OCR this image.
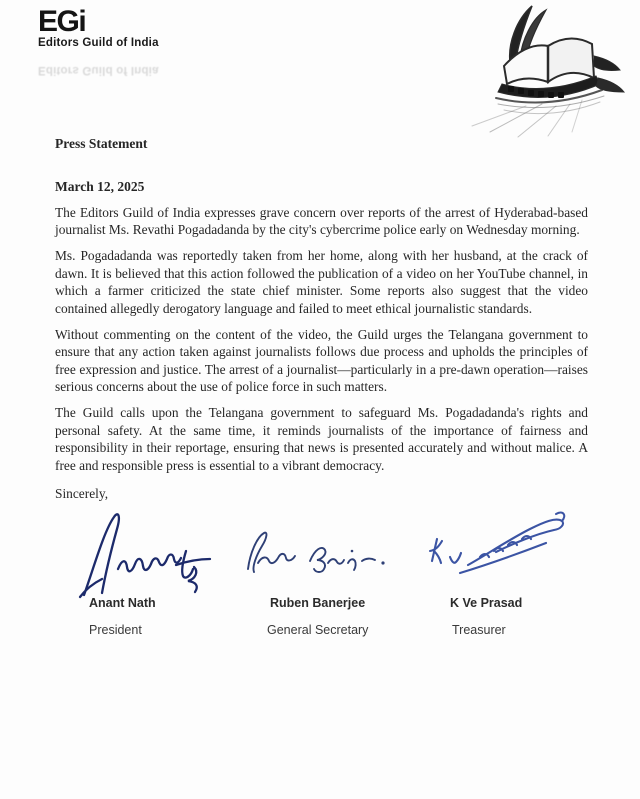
EGi
Editors Guild of India
Editors Guild of India

Press Statement

March 12, 2025

The Editors Guild of India expresses grave concern over reports of the arrest of Hyderabad-based journalist Ms. Revathi Pogadadanda by the city's cybercrime police early on Wednesday morning.

Ms. Pogadadanda was reportedly taken from her home, along with her husband, at the crack of dawn. It is believed that this action followed the publication of a video on her YouTube channel, in which a farmer criticized the state chief minister. Some reports also suggest that the video contained allegedly derogatory language and failed to meet ethical journalistic standards.

Without commenting on the content of the video, the Guild urges the Telangana government to ensure that any action taken against journalists follows due process and upholds the principles of free expression and justice. The arrest of a journalist—particularly in a pre-dawn operation—raises serious concerns about the use of police force in such matters.

The Guild calls upon the Telangana government to safeguard Ms. Pogadadanda's rights and personal safety. At the same time, it reminds journalists of the importance of fairness and responsibility in their reportage, ensuring that news is presented accurately and without malice. A free and responsible press is essential to a vibrant democracy.

Sincerely,
Anant Nath	Ruben Banerjee	K Ve Prasad
President	General Secretary	Treasurer
